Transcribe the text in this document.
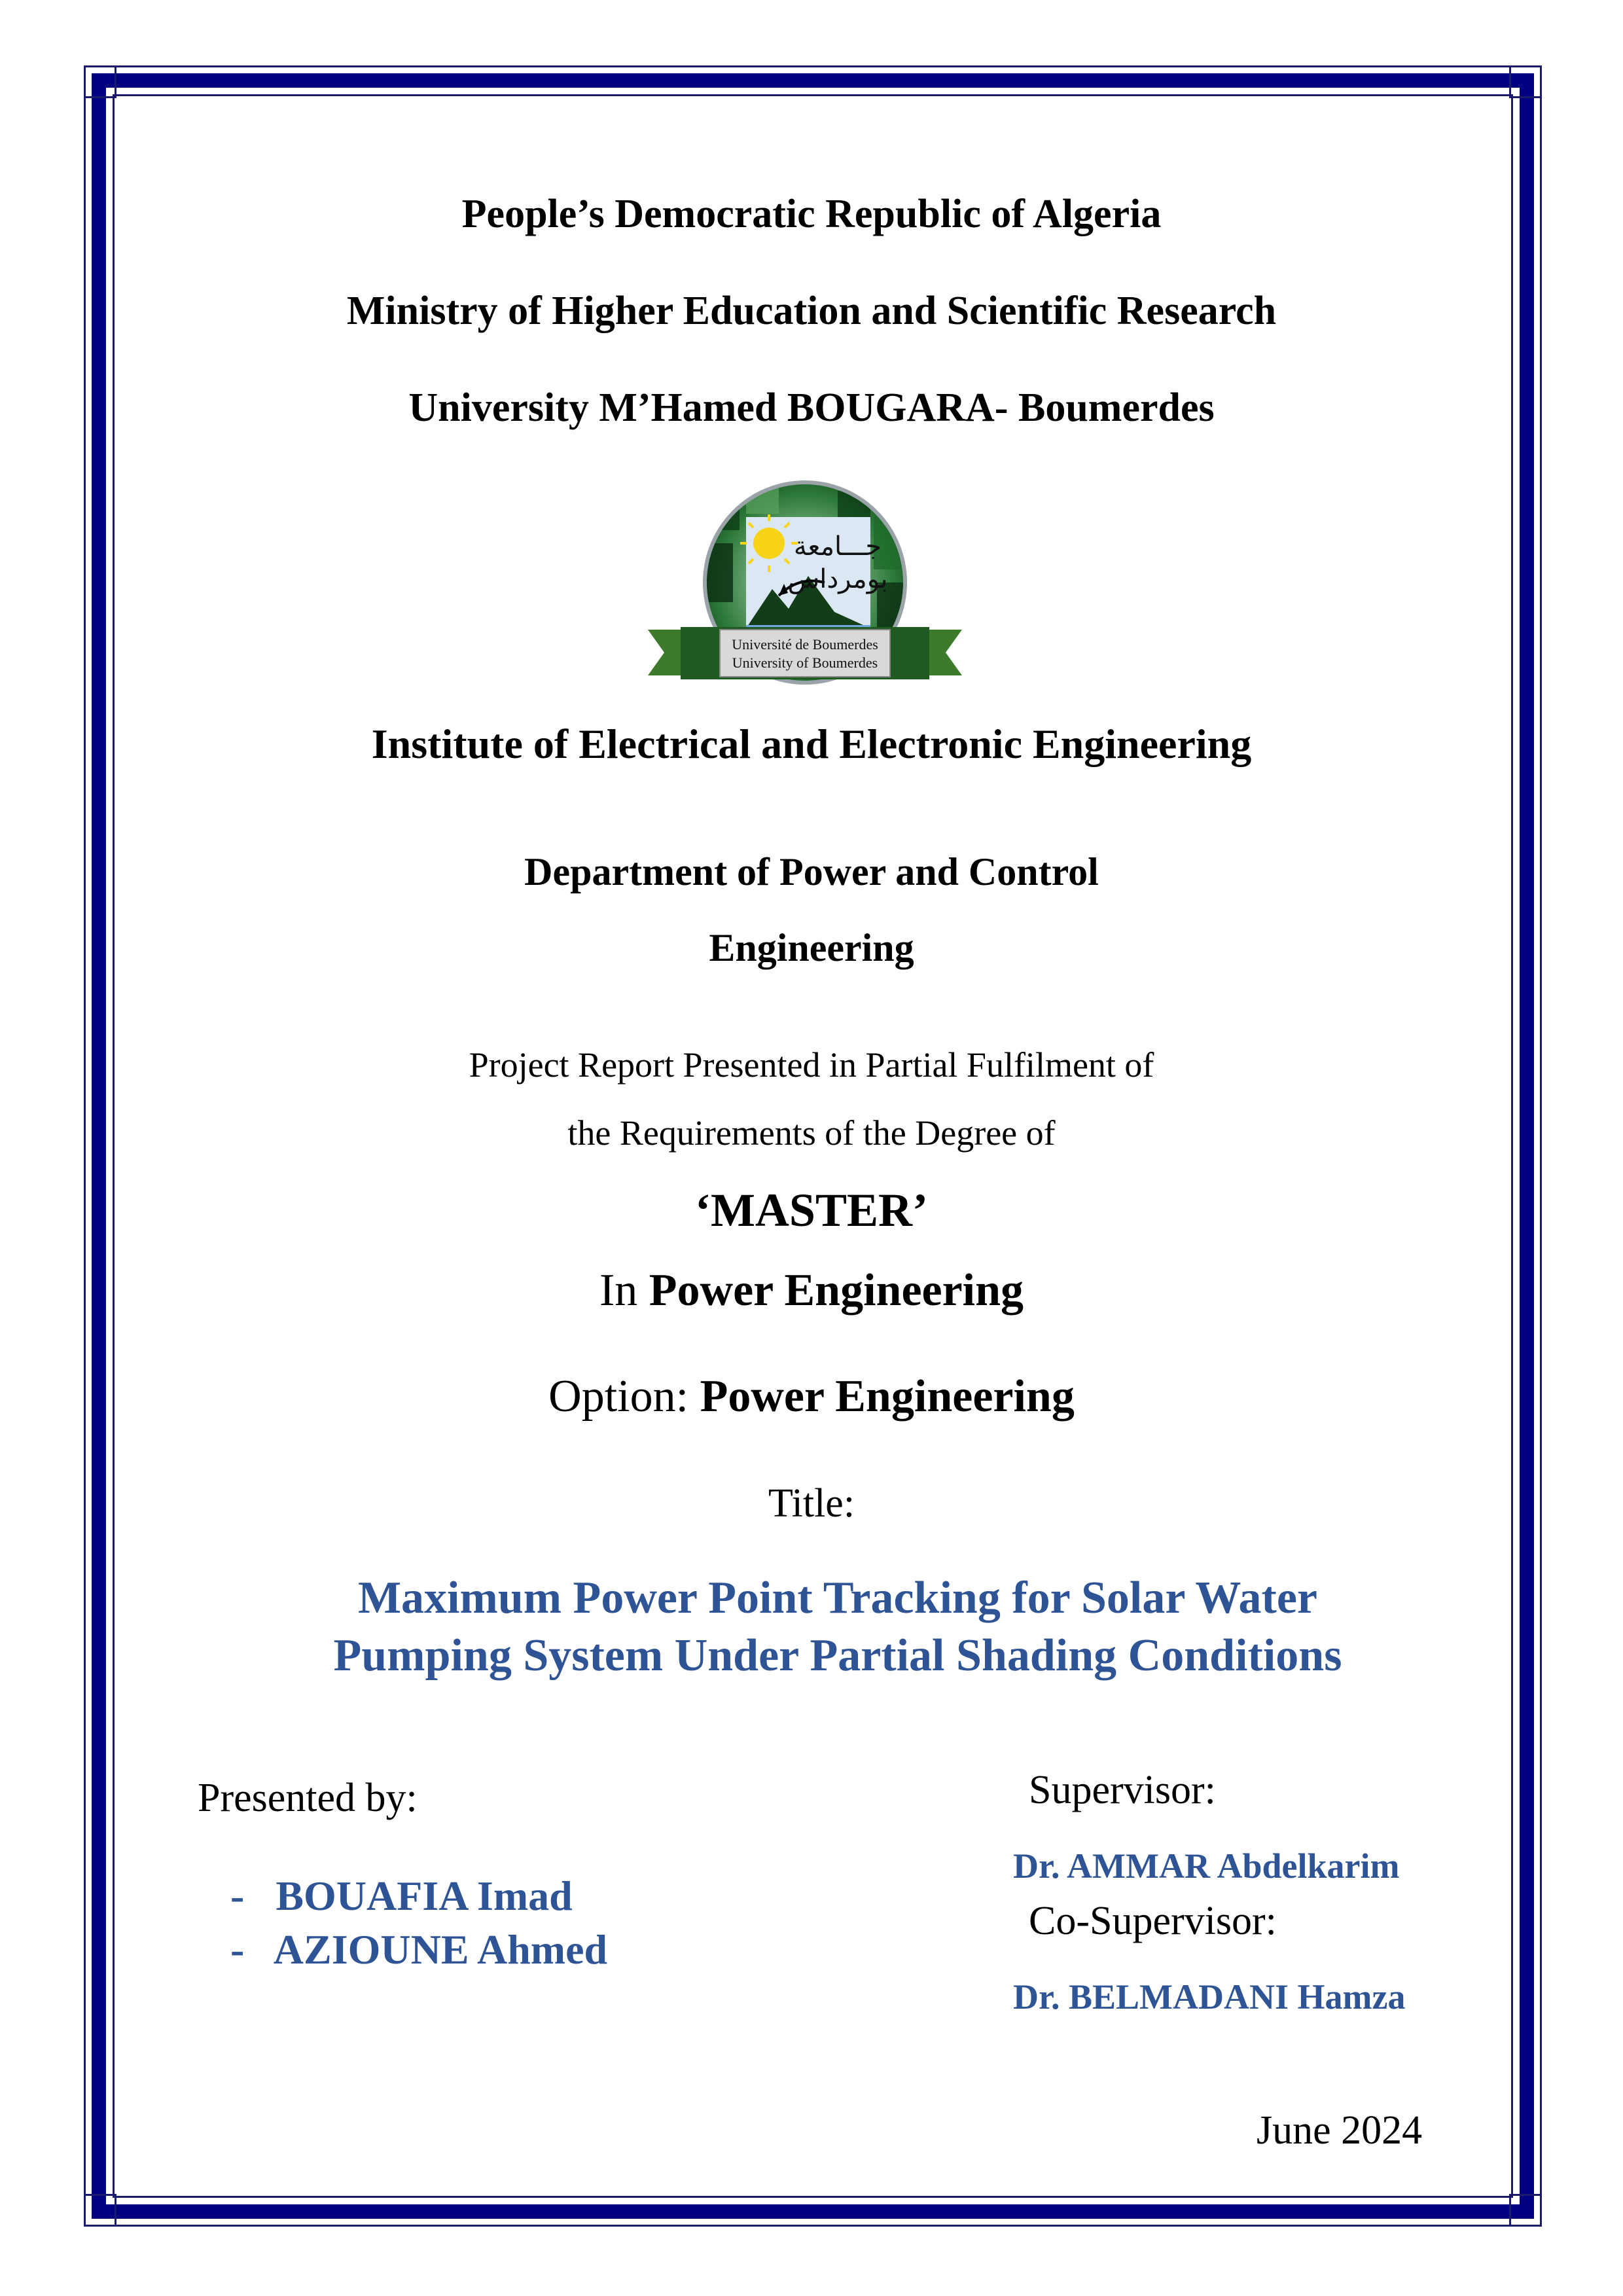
People’s Democratic Republic of Algeria
Ministry of Higher Education and Scientific Research
University M’Hamed BOUGARA- Boumerdes
جـــامعة
بومرداس
Université de Boumerdes
University of Boumerdes
Institute of Electrical and Electronic Engineering
Department of Power and Control
Engineering
Project Report Presented in Partial Fulfilment of
the Requirements of the Degree of
‘MASTER’
In Power Engineering
Option: Power Engineering
Title:
Maximum Power Point Tracking for Solar Water
Pumping System Under Partial Shading Conditions
Presented by:
- BOUAFIA Imad
- AZIOUNE Ahmed
Supervisor:
Dr. AMMAR Abdelkarim
Co-Supervisor:
Dr. BELMADANI Hamza
June 2024
